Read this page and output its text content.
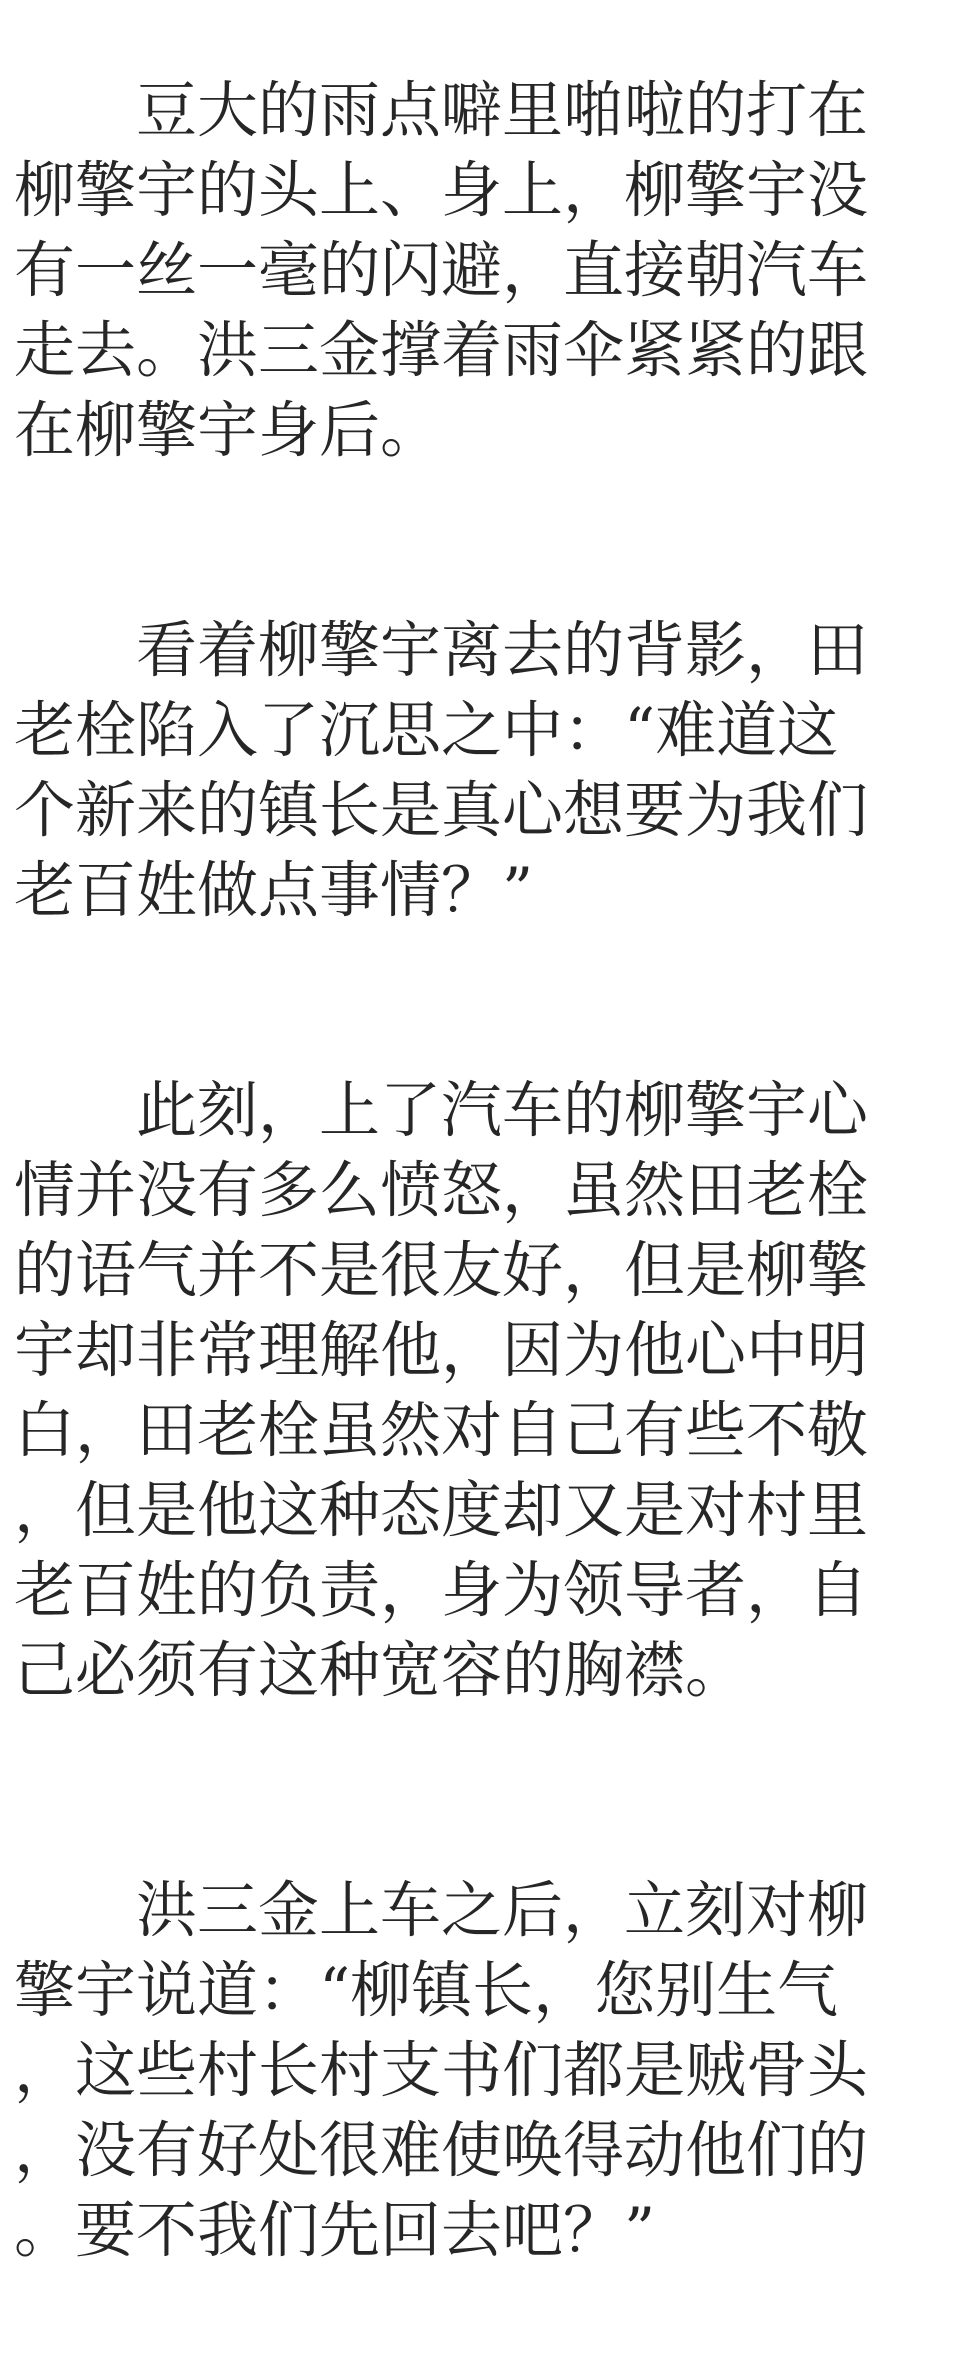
豆大的雨点噼里啪啦的打在

柳擎宇的头上、身上，柳擎宇没

有一丝一毫的闪避，直接朝汽车

走去。洪三金撑着雨伞紧紧的跟

在柳擎宇身后。

看着柳擎宇离去的背影，田

老栓陷入了沉思之中：“难道这

个新来的镇长是真心想要为我们

老百姓做点事情？”

此刻，上了汽车的柳擎宇心

情并没有多么愤怒，虽然田老栓

的语气并不是很友好，但是柳擎

宇却非常理解他，因为他心中明

白，田老栓虽然对自己有些不敬

，但是他这种态度却又是对村里

老百姓的负责，身为领导者，自

己必须有这种宽容的胸襟。

洪三金上车之后，立刻对柳

擎宇说道：“柳镇长，您别生气

，这些村长村支书们都是贼骨头

，没有好处很难使唤得动他们的

。要不我们先回去吧？”
